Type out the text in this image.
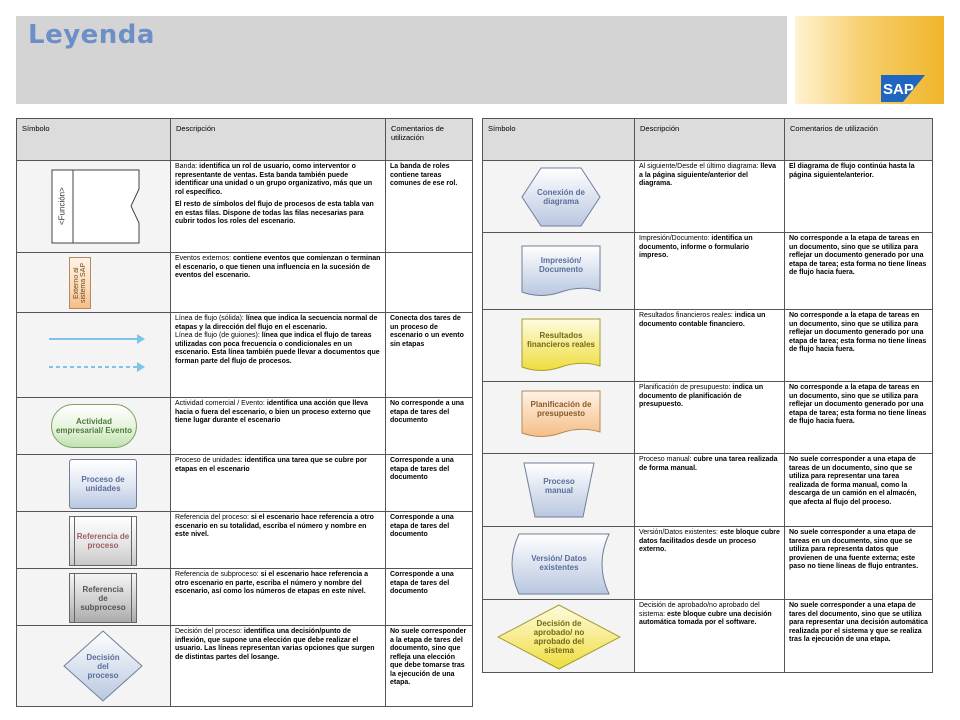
Leyenda
SAP
Símbolo	Descripción	Comentarios de utilización

<Función>	Banda: identifica un rol de usuario, como interventor o representante de ventas. Esta banda también puede identificar una unidad o un grupo organizativo, más que un rol específico.

El resto de símbolos del flujo de procesos de esta tabla van en estas filas. Dispone de todas las filas necesarias para cubrir todos los roles del escenario.	La banda de roles contiene tareas comunes de ese rol.

Externo al sistema SAP	Eventos externos: contiene eventos que comienzan o terminan el escenario, o que tienen una influencia en la sucesión de eventos del escenario.	

Línea de flujo (sólida): línea que indica la secuencia normal de etapas y la dirección del flujo en el escenario.
Línea de flujo (de guiones): línea que indica el flujo de tareas utilizadas con poca frecuencia o condicionales en un escenario. Esta línea también puede llevar a documentos que forman parte del flujo de procesos.	Conecta dos tares de un proceso de escenario o un evento sin etapas

Actividad empresarial/ Evento	Actividad comercial / Evento: identifica una acción que lleva hacia o fuera del escenario, o bien un proceso externo que tiene lugar durante el escenario	No corresponde a una etapa de tares del documento

Proceso de unidades	Proceso de unidades: identifica una tarea que se cubre por etapas en el escenario	Corresponde a una etapa de tares del documento

Referencia de proceso	Referencia del proceso: si el escenario hace referencia a otro escenario en su totalidad, escriba el número y nombre en este nivel.	Corresponde a una etapa de tares del documento

Referencia de subproceso	Referencia de subproceso: si el escenario hace referencia a otro escenario en parte, escriba el número y nombre del escenario, así como los números de etapas en este nivel.	Corresponde a una etapa de tares del documento

Decisión del proceso	Decisión del proceso: identifica una decisión/punto de inflexión, que supone una elección que debe realizar el usuario. Las líneas representan varias opciones que surgen de distintas partes del losange.	No suele corresponder a la etapa de tares del documento, sino que refleja una elección que debe tomarse tras la ejecución de una etapa.
Símbolo	Descripción	Comentarios de utilización

Conexión de diagrama	Al siguiente/Desde el último diagrama: lleva a la página siguiente/anterior del diagrama.	El diagrama de flujo continúa hasta la página siguiente/anterior.

Impresión/ Documento	Impresión/Documento: identifica un documento, informe o formulario impreso.	No corresponde a la etapa de tareas en un documento, sino que se utiliza para reflejar un documento generado por una etapa de tarea; esta forma no tiene líneas de flujo hacia fuera.

Resultados financieros reales	Resultados financieros reales: indica un documento contable financiero.	No corresponde a la etapa de tareas en un documento, sino que se utiliza para reflejar un documento generado por una etapa de tarea; esta forma no tiene líneas de flujo hacia fuera.

Planificación de presupuesto	Planificación de presupuesto: indica un documento de planificación de presupuesto.	No corresponde a la etapa de tareas en un documento, sino que se utiliza para reflejar un documento generado por una etapa de tarea; esta forma no tiene líneas de flujo hacia fuera.

Proceso manual	Proceso manual: cubre una tarea realizada de forma manual.	No suele corresponder a una etapa de tareas de un documento, sino que se utiliza para representar una tarea realizada de forma manual, como la descarga de un camión en el almacén, que afecta al flujo del proceso.

Versión/ Datos existentes	Versión/Datos existentes: este bloque cubre datos facilitados desde un proceso externo.	No suele corresponder a una etapa de tareas en un documento, sino que se utiliza para representa datos que provienen de una fuente externa; este paso no tiene líneas de flujo entrantes.

Decisión de aprobado/ no aprobado del sistema	Decisión de aprobado/no aprobado del sistema: este bloque cubre una decisión automática tomada por el software.	No suele corresponder a una etapa de tares del documento, sino que se utiliza para representar una decisión automática realizada por el sistema y que se realiza tras la ejecución de una etapa.
